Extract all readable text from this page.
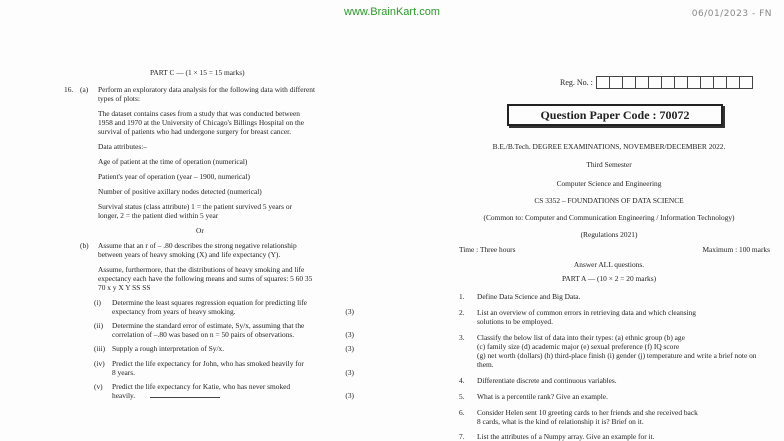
www.BrainKart.com	06/01/2023 - FN
PART C — (1 × 15 = 15 marks)
16. (a) Perform an exploratory data analysis for the following data with different
types of plots:
The dataset contains cases from a study that was conducted between
1958 and 1970 at the University of Chicago's Billings Hospital on the
survival of patients who had undergone surgery for breast cancer.
Data attributes:–
Age of patient at the time of operation (numerical)
Patient's year of operation (year – 1900, numerical)
Number of positive axillary nodes detected (numerical)
Survival status (class attribute) 1 = the patient survived 5 years or
longer, 2 = the patient died within 5 year
Or
(b) Assume that an r of – .80 describes the strong negative relationship
between years of heavy smoking (X) and life expectancy (Y).
Assume, furthermore, that the distributions of heavy smoking and life
expectancy each have the following means and sums of squares: 5 60 35
70 x y X Y SS SS
(i) Determine the least squares regression equation for predicting life
expectancy from years of heavy smoking.	(3)
(ii) Determine the standard error of estimate, Sy/x, assuming that the
correlation of –.80 was based on n = 50 pairs of observations.	(3)
(iii) Supply a rough interpretation of Sy/x.	(3)
(iv) Predict the life expectancy for John, who has smoked heavily for
8 years.	(3)
(v) Predict the life expectancy for Katie, who has never smoked
heavily.	(3)
Reg. No. :
Question Paper Code : 70072
B.E./B.Tech. DEGREE EXAMINATIONS, NOVEMBER/DECEMBER 2022.
Third Semester
Computer Science and Engineering
CS 3352 – FOUNDATIONS OF DATA SCIENCE
(Common to: Computer and Communication Engineering / Information Technology)
(Regulations 2021)
Time : Three hours	Maximum : 100 marks
Answer ALL questions.
PART A — (10 × 2 = 20 marks)
1. Define Data Science and Big Data.
2. List an overview of common errors in retrieving data and which cleansing
solutions to be employed.
3. Classify the below list of data into their types: (a) ethnic group (b) age
(c) family size (d) academic major (e) sexual preference (f) IQ score
(g) net worth (dollars) (h) third-place finish (i) gender (j) temperature and write a brief note on them.
4. Differentiate discrete and continuous variables.
5. What is a percentile rank? Give an example.
6. Consider Helen sent 10 greeting cards to her friends and she received back
8 cards, what is the kind of relationship it is? Brief on it.
7. List the attributes of a Numpy array. Give an example for it.
